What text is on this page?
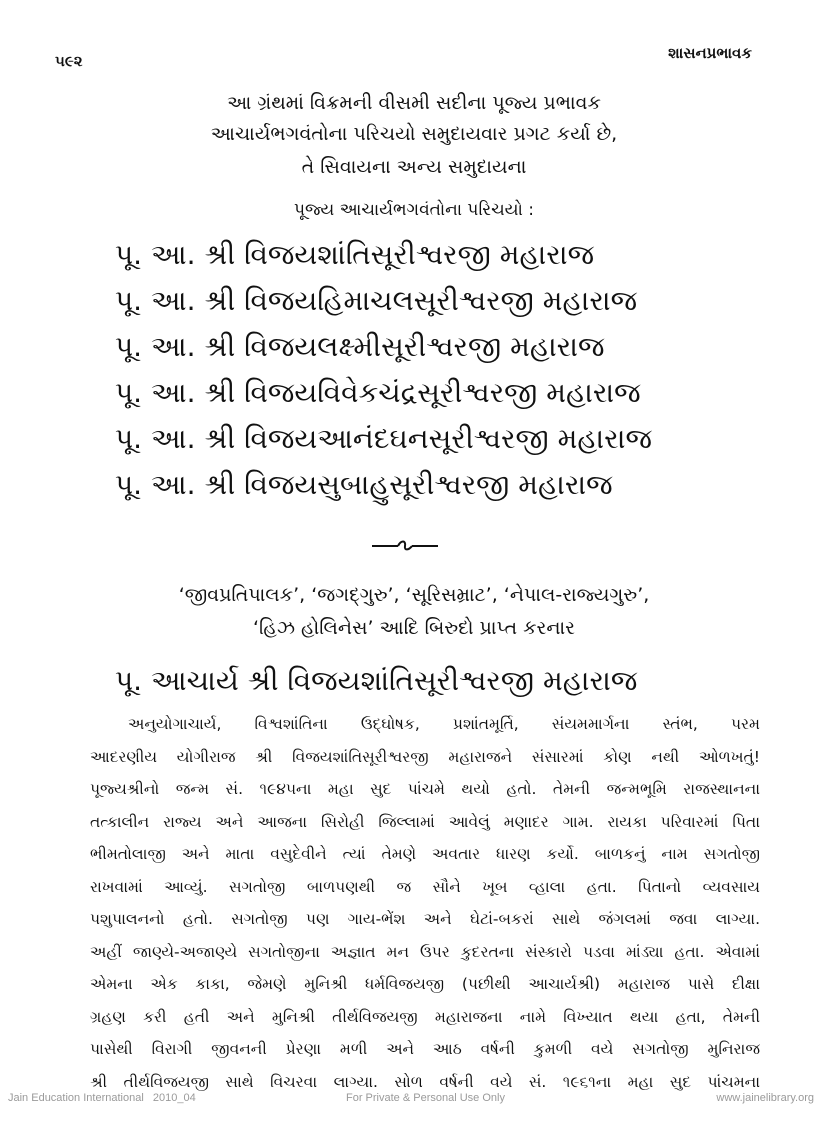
૫૯૨	શાસનપ્રભાવક
આ ગ્રંથમાં વિક્રમની વીસમી સદીના પૂજ્ય પ્રભાવક
આચાર્યભગવંતોના પરિચયો સમુદાયવાર પ્રગટ કર્યા છે,
તે સિવાયના અન્ય સમુદાયના
પૂજ્ય આચાર્યભગવંતોના પરિચયો :
પૂ. આ. શ્રી વિજયશાંતિસૂરીશ્વરજી મહારાજ
પૂ. આ. શ્રી વિજયહિમાચલસૂરીશ્વરજી મહારાજ
પૂ. આ. શ્રી વિજયલક્ષ્મીસૂરીશ્વરજી મહારાજ
પૂ. આ. શ્રી વિજયવિવેકચંદ્રસૂરીશ્વરજી મહારાજ
પૂ. આ. શ્રી વિજયઆનંદઘનસૂરીશ્વરજી મહારાજ
પૂ. આ. શ્રી વિજયસુબાહુસૂરીશ્વરજી મહારાજ
‘જીવપ્રતિપાલક’, ‘જગદ્ગુરુ’, ‘સૂરિસમ્રાટ’, ‘નેપાલ-રાજ્યગુરુ’,
‘હિઝ હોલિનેસ’ આદિ બિરુદો પ્રાપ્ત કરનાર
પૂ. આચાર્ય શ્રી વિજયશાંતિસૂરીશ્વરજી મહારાજ
અનુયોગાચાર્ય, વિશ્વશાંતિના ઉદ્‌ઘોષક, પ્રશાંતમૂર્તિ, સંયમમાર્ગના સ્તંભ, પરમ
આદરણીય યોગીરાજ શ્રી વિજયશાંતિસૂરીશ્વરજી મહારાજને સંસારમાં કોણ નથી ઓળખતું!
પૂજ્યશ્રીનો જન્મ સં. ૧૯૪૫ના મહા સુદ પાંચમે થયો હતો. તેમની જન્મભૂમિ રાજસ્થાનના
તત્કાલીન રાજ્ય અને આજના સિરોહી જિલ્લામાં આવેલું મણાદર ગામ. રાયકા પરિવારમાં પિતા
ભીમતોલાજી અને માતા વસુદેવીને ત્યાં તેમણે અવતાર ધારણ કર્યો. બાળકનું નામ સગતોજી
રાખવામાં આવ્યું. સગતોજી બાળપણથી જ સૌને ખૂબ વ્હાલા હતા. પિતાનો વ્યવસાય
પશુપાલનનો હતો. સગતોજી પણ ગાય-ભેંશ અને ઘેટાં-બકરાં સાથે જંગલમાં જવા લાગ્યા.
અહીં જાણ્યે-અજાણ્યે સગતોજીના અજ્ઞાત મન ઉપર કુદરતના સંસ્કારો પડવા માંડ્યા હતા. એવામાં
એમના એક કાકા, જેમણે મુનિશ્રી ધર્મવિજયજી (પછીથી આચાર્યશ્રી) મહારાજ પાસે દીક્ષા
ગ્રહણ કરી હતી અને મુનિશ્રી તીર્થવિજયજી મહારાજના નામે વિખ્યાત થયા હતા, તેમની
પાસેથી વિરાગી જીવનની પ્રેરણા મળી અને આઠ વર્ષની કુમળી વયે સગતોજી મુનિરાજ
શ્રી તીર્થવિજયજી સાથે વિચરવા લાગ્યા. સોળ વર્ષની વયે સં. ૧૯૬૧ના મહા સુદ પાંચમના
Jain Education International   2010_04	For Private & Personal Use Only	www.jainelibrary.org
